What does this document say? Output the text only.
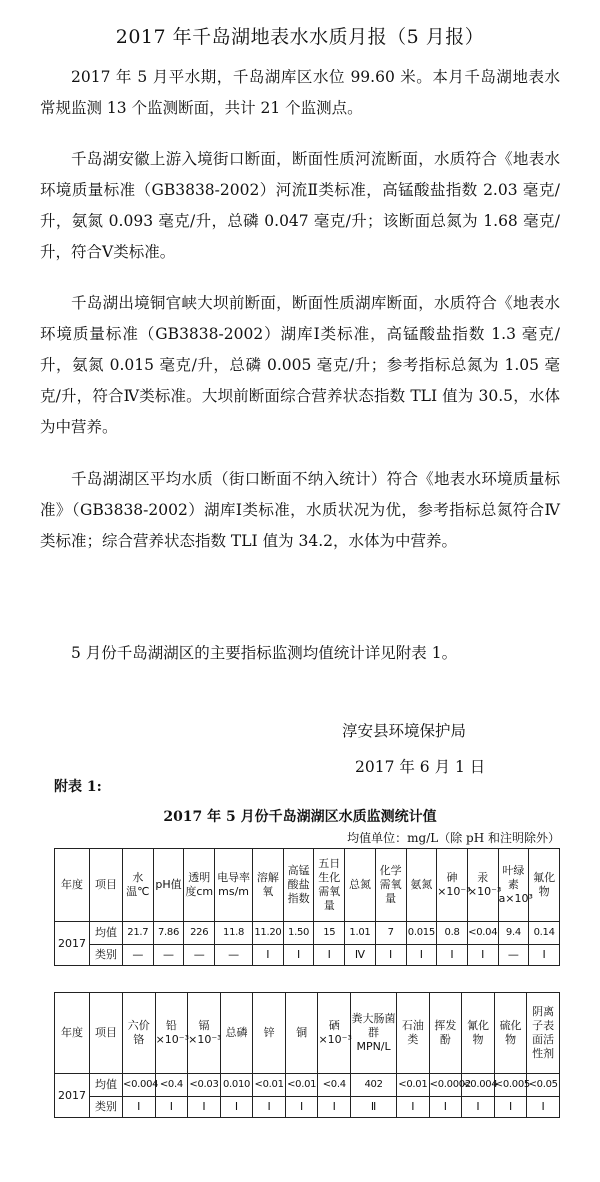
2017 年千岛湖地表水水质月报（5 月报）

2017 年 5 月平水期，千岛湖库区水位 99.60 米。本月千岛湖地表水常规监测 13 个监测断面，共计 21 个监测点。

千岛湖安徽上游入境街口断面，断面性质河流断面，水质符合《地表水环境质量标准（GB3838-2002）河流Ⅱ类标准，高锰酸盐指数 2.03 毫克/升，氨氮 0.093 毫克/升，总磷 0.047 毫克/升；该断面总氮为 1.68 毫克/升，符合Ⅴ类标准。

千岛湖出境铜官峡大坝前断面，断面性质湖库断面，水质符合《地表水环境质量标准（GB3838-2002）湖库Ⅰ类标准，高锰酸盐指数 1.3 毫克/升，氨氮 0.015 毫克/升，总磷 0.005 毫克/升；参考指标总氮为 1.05 毫克/升，符合Ⅳ类标准。大坝前断面综合营养状态指数 TLI 值为 30.5，水体为中营养。

千岛湖湖区平均水质（街口断面不纳入统计）符合《地表水环境质量标准》（GB3838-2002）湖库Ⅰ类标准，水质状况为优，参考指标总氮符合Ⅳ类标准；综合营养状态指数 TLI 值为 34.2，水体为中营养。

5 月份千岛湖湖区的主要指标监测均值统计详见附表 1。

淳安县环境保护局
2017 年 6 月 1 日
附表 1:
2017 年 5 月份千岛湖湖区水质监测统计值
均值单位：mg/L（除 pH 和注明除外）
年度	项目	水温℃	pH值	透明度cm	电导率ms/m	溶解氧	高锰酸盐指数	五日生化需氧量	总氮	化学需氧量	氨氮	砷×10⁻³	汞×10⁻³	叶绿素a×10³	氟化物
2017	均值	21.7	7.86	226	11.8	11.20	1.50	15	1.01	7	0.015	0.8	<0.04	9.4	0.14
	类别	—	—	—	—	Ⅰ	Ⅰ	Ⅰ	Ⅳ	Ⅰ	Ⅰ	Ⅰ	Ⅰ	—	Ⅰ
年度	项目	六价铬	铅×10⁻³	镉×10⁻³	总磷	锌	铜	硒×10⁻³	粪大肠菌群MPN/L	石油类	挥发酚	氰化物	硫化物	阴离子表面活性剂
2017	均值	<0.004	<0.4	<0.03	0.010	<0.01	<0.01	<0.4	402	<0.01	<0.0002	<0.004	<0.005	<0.05
	类别	Ⅰ	Ⅰ	Ⅰ	Ⅰ	Ⅰ	Ⅰ	Ⅰ	Ⅱ	Ⅰ	Ⅰ	Ⅰ	Ⅰ	Ⅰ
